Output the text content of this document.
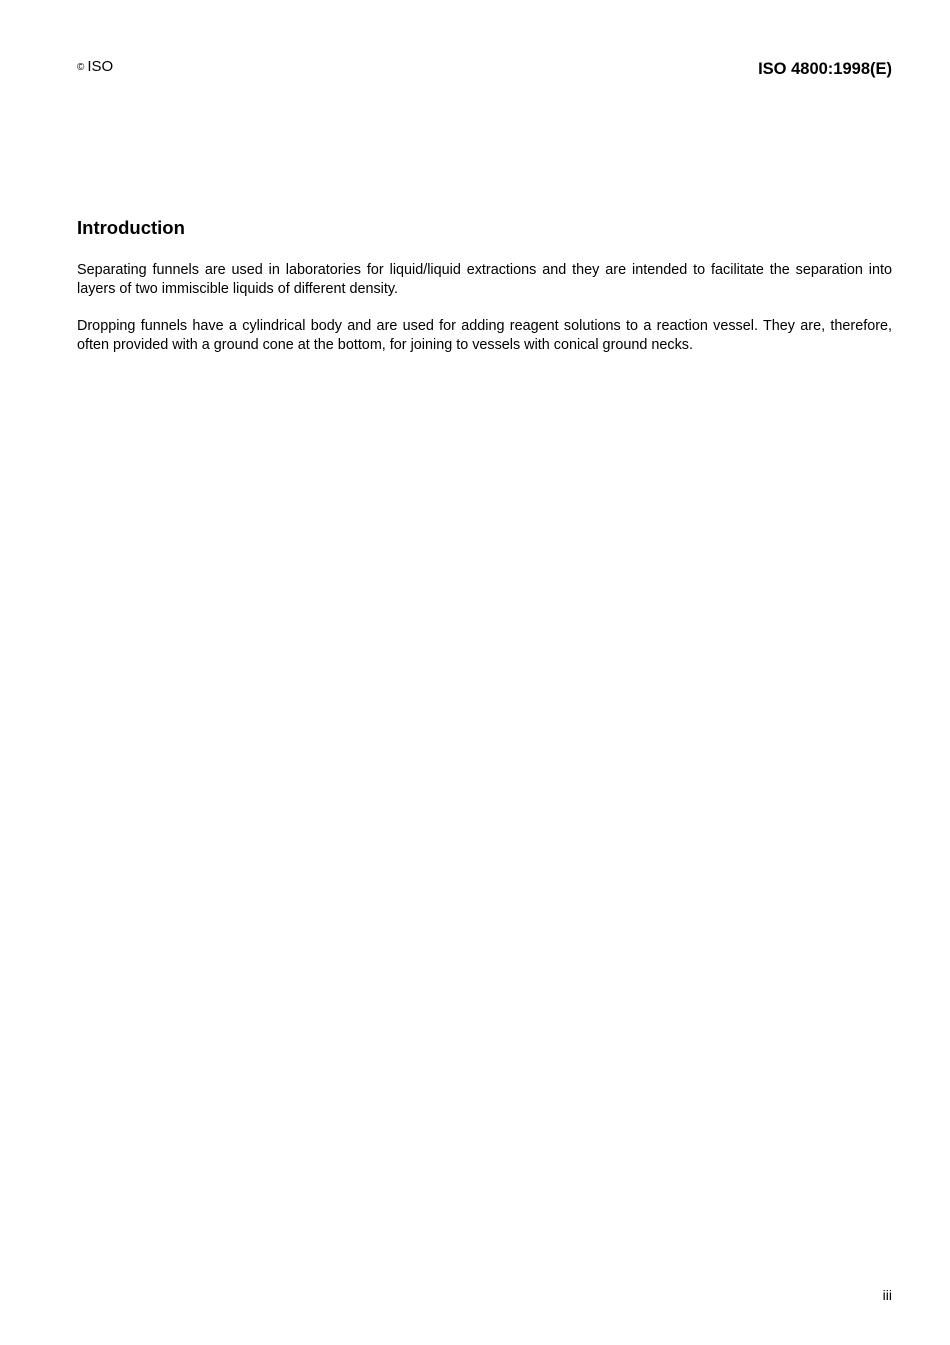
© ISO	ISO 4800:1998(E)
Introduction

Separating funnels are used in laboratories for liquid/liquid extractions and they are intended to facilitate the separation into layers of two immiscible liquids of different density.

Dropping funnels have a cylindrical body and are used for adding reagent solutions to a reaction vessel. They are, therefore, often provided with a ground cone at the bottom, for joining to vessels with conical ground necks.

iii
